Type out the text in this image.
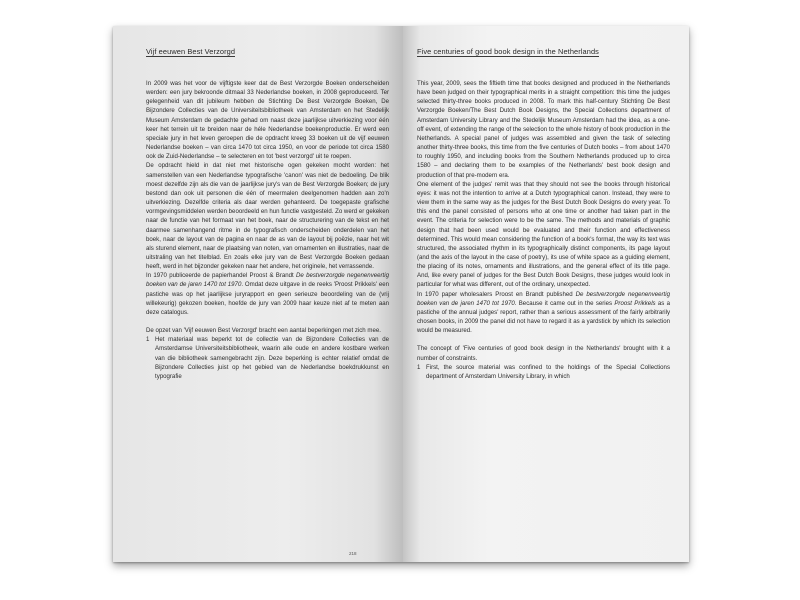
Vijf eeuwen Best Verzorgd

In 2009 was het voor de vijftigste keer dat de Best Verzorgde Boeken onderscheiden werden: een jury bekroonde ditmaal 33 Nederlandse boeken, in 2008 geproduceerd. Ter gelegenheid van dit jubileum hebben de Stichting De Best Verzorgde Boeken, De Bijzondere Collecties van de Universiteitsbibliotheek van Amsterdam en het Stedelijk Museum Amsterdam de gedachte gehad om naast deze jaarlijkse uitverkiezing voor één keer het terrein uit te breiden naar de héle Nederlandse boekenproductie. Er werd een speciale jury in het leven geroepen die de opdracht kreeg 33 boeken uit de vijf eeuwen Nederlandse boeken – van circa 1470 tot circa 1950, en voor de periode tot circa 1580 ook de Zuid-Nederlandse – te selecteren en tot 'best verzorgd' uit te roepen.

De opdracht hield in dat niet met historische ogen gekeken mocht worden: het samenstellen van een Nederlandse typografische 'canon' was niet de bedoeling. De blik moest dezelfde zijn als die van de jaarlijkse jury's van de Best Verzorgde Boeken; de jury bestond dan ook uit personen die één of meermalen deelgenomen hadden aan zo'n uitverkiezing. Dezelfde criteria als daar werden gehanteerd. De toegepaste grafische vormgevingsmiddelen werden beoordeeld en hun functie vastgesteld. Zo werd er gekeken naar de functie van het formaat van het boek, naar de structurering van de tekst en het daarmee samenhangend ritme in de typografisch onderscheiden onderdelen van het boek, naar de layout van de pagina en naar de as van de layout bij poëzie, naar het wit als sturend element, naar de plaatsing van noten, van ornamenten en illustraties, naar de uitstraling van het titelblad. En zoals elke jury van de Best Verzorgde Boeken gedaan heeft, werd in het bijzonder gekeken naar het andere, het originele, het verrassende.

In 1970 publiceerde de papierhandel Proost & Brandt De bestverzorgde negenenveertig boeken van de jaren 1470 tot 1970. Omdat deze uitgave in de reeks 'Proost Prikkels' een pastiche was op het jaarlijkse juryrapport en geen serieuze beoordeling van de (vrij willekeurig) gekozen boeken, hoefde de jury van 2009 haar keuze niet af te meten aan deze catalogus.

De opzet van 'Vijf eeuwen Best Verzorgd' bracht een aantal beperkingen met zich mee.

1 Het materiaal was beperkt tot de collectie van de Bijzondere Collecties van de Amsterdamse Universiteitsbibliotheek, waarin alle oude en andere kostbare werken van die bibliotheek samengebracht zijn. Deze beperking is echter relatief omdat de Bijzondere Collecties juist op het gebied van de Nederlandse boekdrukkunst en typografie
218
Five centuries of good book design in the Netherlands

This year, 2009, sees the fiftieth time that books designed and produced in the Netherlands have been judged on their typographical merits in a straight competition: this time the judges selected thirty-three books produced in 2008. To mark this half-century Stichting De Best Verzorgde Boeken/The Best Dutch Book Designs, the Special Collections department of Amsterdam University Library and the Stedelijk Museum Amsterdam had the idea, as a one-off event, of extending the range of the selection to the whole history of book production in the Netherlands. A special panel of judges was assembled and given the task of selecting another thirty-three books, this time from the five centuries of Dutch books – from about 1470 to roughly 1950, and including books from the Southern Netherlands produced up to circa 1580 – and declaring them to be examples of the Netherlands' best book design and production of that pre-modern era.

One element of the judges' remit was that they should not see the books through historical eyes: it was not the intention to arrive at a Dutch typographical canon. Instead, they were to view them in the same way as the judges for the Best Dutch Book Designs do every year. To this end the panel consisted of persons who at one time or another had taken part in the event. The criteria for selection were to be the same. The methods and materials of graphic design that had been used would be evaluated and their function and effectiveness determined. This would mean considering the function of a book's format, the way its text was structured, the associated rhythm in its typographically distinct components, its page layout (and the axis of the layout in the case of poetry), its use of white space as a guiding element, the placing of its notes, ornaments and illustrations, and the general effect of its title page. And, like every panel of judges for the Best Dutch Book Designs, these judges would look in particular for what was different, out of the ordinary, unexpected.

In 1970 paper wholesalers Proost en Brandt published De bestverzorgde negenenveertig boeken van de jaren 1470 tot 1970. Because it came out in the series Proost Prikkels as a pastiche of the annual judges' report, rather than a serious assessment of the fairly arbitrarily chosen books, in 2009 the panel did not have to regard it as a yardstick by which its selection would be measured.

The concept of 'Five centuries of good book design in the Netherlands' brought with it a number of constraints.

1 First, the source material was confined to the holdings of the Special Collections department of Amsterdam University Library, in which
